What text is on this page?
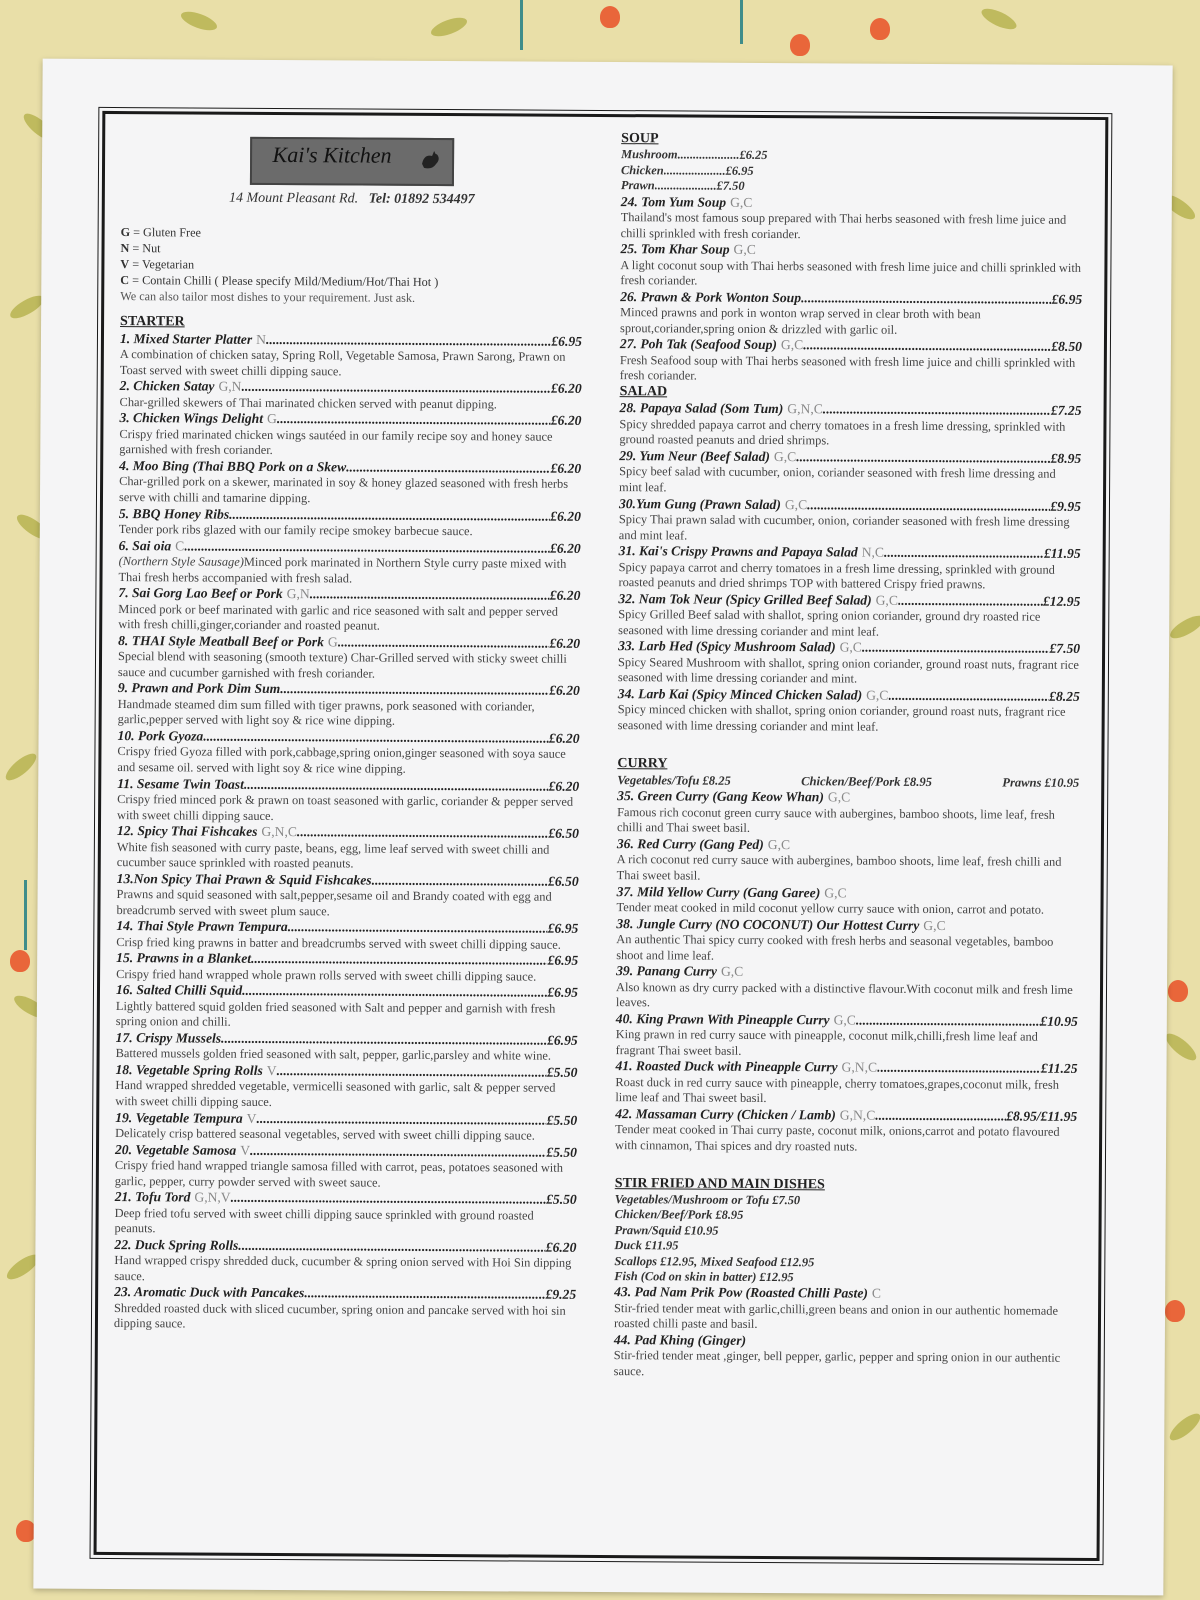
Kai's Kitchen
14 Mount Pleasant Rd. Tel: 01892 534497
G = Gluten Free
N = Nut
V = Vegetarian
C = Contain Chilli ( Please specify Mild/Medium/Hot/Thai Hot )
We can also tailor most dishes to your requirement. Just ask.
STARTER
1. Mixed Starter Platter N .....	£6.95
A combination of chicken satay, Spring Roll, Vegetable Samosa, Prawn Sarong, Prawn on Toast served with sweet chilli dipping sauce.
2. Chicken Satay G,N .....	£6.20
Char-grilled skewers of Thai marinated chicken served with peanut dipping.
3. Chicken Wings Delight G .....	£6.20
Crispy fried marinated chicken wings sautéed in our family recipe soy and honey sauce garnished with fresh coriander.
4. Moo Bing (Thai BBQ Pork on a Skew .....	£6.20
Char-grilled pork on a skewer, marinated in soy & honey glazed seasoned with fresh herbs serve with chilli and tamarine dipping.
5. BBQ Honey Ribs .....	£6.20
Tender pork ribs glazed with our family recipe smokey barbecue sauce.
6. Sai oia C .....	£6.20
(Northern Style Sausage)Minced pork marinated in Northern Style curry paste mixed with Thai fresh herbs accompanied with fresh salad.
7. Sai Gorg Lao Beef or Pork G,N .....	£6.20
Minced pork or beef marinated with garlic and rice seasoned with salt and pepper served with fresh chilli,ginger,coriander and roasted peanut.
8. THAI Style Meatball Beef or Pork G .....	£6.20
Special blend with seasoning (smooth texture) Char-Grilled served with sticky sweet chilli sauce and cucumber garnished with fresh coriander.
9. Prawn and Pork Dim Sum .....	£6.20
Handmade steamed dim sum filled with tiger prawns, pork seasoned with coriander, garlic,pepper served with light soy & rice wine dipping.
10. Pork Gyoza .....	£6.20
Crispy fried Gyoza filled with pork,cabbage,spring onion,ginger seasoned with soya sauce and sesame oil. served with light soy & rice wine dipping.
11. Sesame Twin Toast .....	£6.20
Crispy fried minced pork & prawn on toast seasoned with garlic, coriander & pepper served with sweet chilli dipping sauce.
12. Spicy Thai Fishcakes G,N,C .....	£6.50
White fish seasoned with curry paste, beans, egg, lime leaf served with sweet chilli and cucumber sauce sprinkled with roasted peanuts.
13.Non Spicy Thai Prawn & Squid Fishcakes .....	£6.50
Prawns and squid seasoned with salt,pepper,sesame oil and Brandy coated with egg and breadcrumb served with sweet plum sauce.
14. Thai Style Prawn Tempura .....	£6.95
Crisp fried king prawns in batter and breadcrumbs served with sweet chilli dipping sauce.
15. Prawns in a Blanket .....	£6.95
Crispy fried hand wrapped whole prawn rolls served with sweet chilli dipping sauce.
16. Salted Chilli Squid .....	£6.95
Lightly battered squid golden fried seasoned with Salt and pepper and garnish with fresh spring onion and chilli.
17. Crispy Mussels .....	£6.95
Battered mussels golden fried seasoned with salt, pepper, garlic,parsley and white wine.
18. Vegetable Spring Rolls V .....	£5.50
Hand wrapped shredded vegetable, vermicelli seasoned with garlic, salt & pepper served with sweet chilli dipping sauce.
19. Vegetable Tempura V .....	£5.50
Delicately crisp battered seasonal vegetables, served with sweet chilli dipping sauce.
20. Vegetable Samosa V .....	£5.50
Crispy fried hand wrapped triangle samosa filled with carrot, peas, potatoes seasoned with garlic, pepper, curry powder served with sweet sauce.
21. Tofu Tord G,N,V .....	£5.50
Deep fried tofu served with sweet chilli dipping sauce sprinkled with ground roasted peanuts.
22. Duck Spring Rolls .....	£6.20
Hand wrapped crispy shredded duck, cucumber & spring onion served with Hoi Sin dipping sauce.
23. Aromatic Duck with Pancakes .....	£9.25
Shredded roasted duck with sliced cucumber, spring onion and pancake served with hoi sin dipping sauce.
SOUP
Mushroom .....	£6.25
Chicken .....	£6.95
Prawn .....	£7.50
24. Tom Yum Soup G,C
Thailand's most famous soup prepared with Thai herbs seasoned with fresh lime juice and chilli sprinkled with fresh coriander.
25. Tom Khar Soup G,C
A light coconut soup with Thai herbs seasoned with fresh lime juice and chilli sprinkled with fresh coriander.
26. Prawn & Pork Wonton Soup .....	£6.95
Minced prawns and pork in wonton wrap served in clear broth with bean sprout,coriander,spring onion & drizzled with garlic oil.
27. Poh Tak (Seafood Soup) G,C .....	£8.50
Fresh Seafood soup with Thai herbs seasoned with fresh lime juice and chilli sprinkled with fresh coriander.
SALAD
28. Papaya Salad (Som Tum) G,N,C .....	£7.25
Spicy shredded papaya carrot and cherry tomatoes in a fresh lime dressing, sprinkled with ground roasted peanuts and dried shrimps.
29. Yum Neur (Beef Salad) G,C .....	£8.95
Spicy beef salad with cucumber, onion, coriander seasoned with fresh lime dressing and mint leaf.
30.Yum Gung (Prawn Salad) G,C .....	£9.95
Spicy Thai prawn salad with cucumber, onion, coriander seasoned with fresh lime dressing and mint leaf.
31. Kai's Crispy Prawns and Papaya Salad N,C .....	£11.95
Spicy papaya carrot and cherry tomatoes in a fresh lime dressing, sprinkled with ground roasted peanuts and dried shrimps TOP with battered Crispy fried prawns.
32. Nam Tok Neur (Spicy Grilled Beef Salad) G,C .....	£12.95
Spicy Grilled Beef salad with shallot, spring onion coriander, ground dry roasted rice seasoned with lime dressing coriander and mint leaf.
33. Larb Hed (Spicy Mushroom Salad) G,C .....	£7.50
Spicy Seared Mushroom with shallot, spring onion coriander, ground roast nuts, fragrant rice seasoned with lime dressing coriander and mint.
34. Larb Kai (Spicy Minced Chicken Salad) G,C .....	£8.25
Spicy minced chicken with shallot, spring onion coriander, ground roast nuts, fragrant rice seasoned with lime dressing coriander and mint leaf.
CURRY
Vegetables/Tofu £8.25	Chicken/Beef/Pork £8.95	Prawns £10.95
35. Green Curry (Gang Keow Whan) G,C
Famous rich coconut green curry sauce with aubergines, bamboo shoots, lime leaf, fresh chilli and Thai sweet basil.
36. Red Curry (Gang Ped) G,C
A rich coconut red curry sauce with aubergines, bamboo shoots, lime leaf, fresh chilli and Thai sweet basil.
37. Mild Yellow Curry (Gang Garee) G,C
Tender meat cooked in mild coconut yellow curry sauce with onion, carrot and potato.
38. Jungle Curry (NO COCONUT) Our Hottest Curry G,C
An authentic Thai spicy curry cooked with fresh herbs and seasonal vegetables, bamboo shoot and lime leaf.
39. Panang Curry G,C
Also known as dry curry packed with a distinctive flavour.With coconut milk and fresh lime leaves.
40. King Prawn With Pineapple Curry G,C .....	£10.95
King prawn in red curry sauce with pineapple, coconut milk,chilli,fresh lime leaf and fragrant Thai sweet basil.
41. Roasted Duck with Pineapple Curry G,N,C .....	£11.25
Roast duck in red curry sauce with pineapple, cherry tomatoes,grapes,coconut milk, fresh lime leaf and Thai sweet basil.
42. Massaman Curry (Chicken / Lamb) G,N,C .....	£8.95/£11.95
Tender meat cooked in Thai curry paste, coconut milk, onions,carrot and potato flavoured with cinnamon, Thai spices and dry roasted nuts.
STIR FRIED AND MAIN DISHES
Vegetables/Mushroom or Tofu £7.50
Chicken/Beef/Pork £8.95
Prawn/Squid £10.95
Duck £11.95
Scallops £12.95, Mixed Seafood £12.95
Fish (Cod on skin in batter) £12.95
43. Pad Nam Prik Pow (Roasted Chilli Paste) C
Stir-fried tender meat with garlic,chilli,green beans and onion in our authentic homemade roasted chilli paste and basil.
44. Pad Khing (Ginger)
Stir-fried tender meat ,ginger, bell pepper, garlic, pepper and spring onion in our authentic sauce.
